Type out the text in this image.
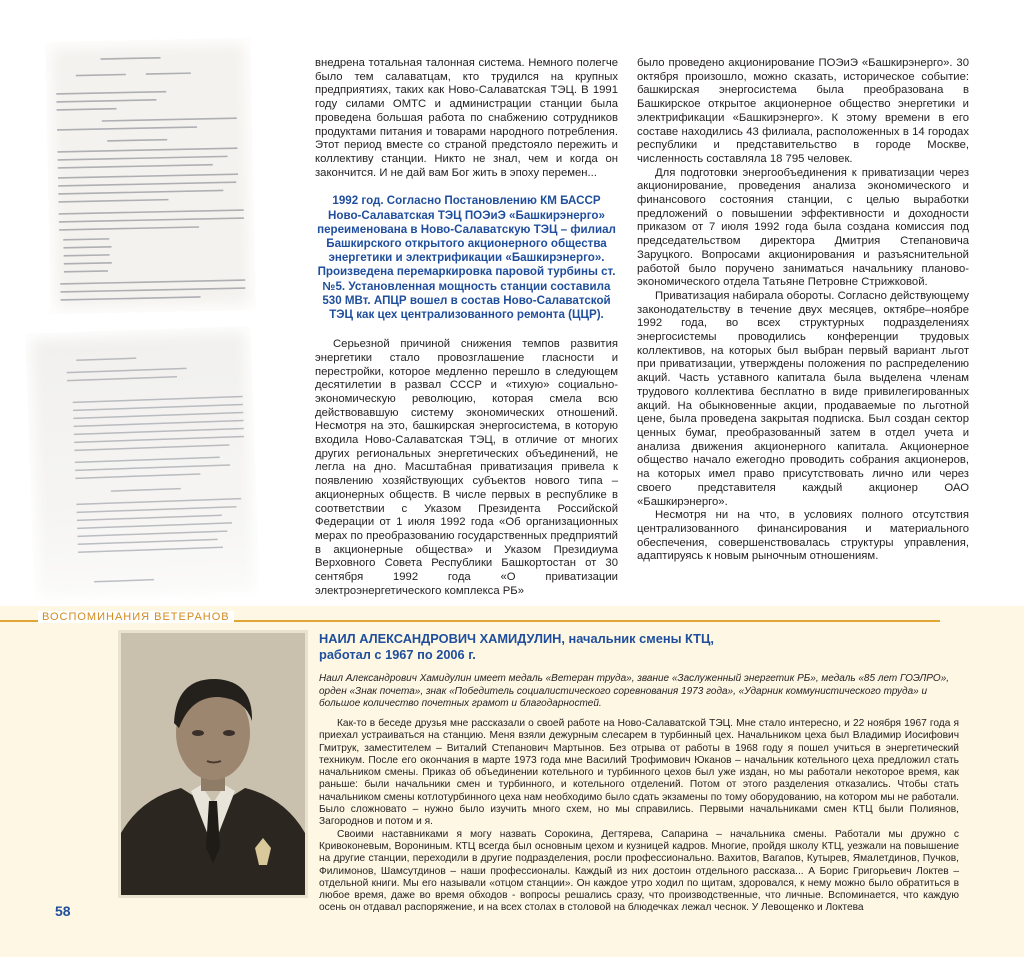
внедрена тотальная талонная система. Немного полегче было тем салаватцам, кто трудился на крупных предприятиях, таких как Ново-Салаватская ТЭЦ. В 1991 году силами ОМТС и администрации станции была проведена большая работа по снабжению сотрудников продуктами питания и товарами народного потребления. Этот период вместе со страной предстояло пережить и коллективу станции. Никто не знал, чем и когда он закончится. И не дай вам Бог жить в эпоху перемен...

1992 год. Согласно Постановлению КМ БАССР Ново-Салаватская ТЭЦ ПОЭиЭ «Башкирэнерго» переименована в Ново-Салаватскую ТЭЦ – филиал Башкирского открытого акционерного общества энергетики и электрификации «Башкирэнерго». Произведена перемаркировка паровой турбины ст. №5. Установленная мощность станции составила 530 МВт. АПЦР вошел в состав Ново-Салаватской ТЭЦ как цех централизованного ремонта (ЦЦР).

Серьезной причиной снижения темпов развития энергетики стало провозглашение гласности и перестройки, которое медленно перешло в следующем десятилетии в развал СССР и «тихую» социально-экономическую революцию, которая смела всю действовавшую систему экономических отношений. Несмотря на это, башкирская энергосистема, в которую входила Ново-Салаватская ТЭЦ, в отличие от многих других региональных энергетических объединений, не легла на дно. Масштабная приватизация привела к появлению хозяйствующих субъектов нового типа – акционерных обществ. В числе первых в республике в соответствии с Указом Президента Российской Федерации от 1 июля 1992 года «Об организационных мерах по преобразованию государственных предприятий в акционерные общества» и Указом Президиума Верховного Совета Республики Башкортостан от 30 сентября 1992 года «О приватизации электроэнергетического комплекса РБ»

было проведено акционирование ПОЭиЭ «Башкирэнерго». 30 октября произошло, можно сказать, историческое событие: башкирская энергосистема была преобразована в Башкирское открытое акционерное общество энергетики и электрификации «Башкирэнерго». К этому времени в его составе находились 43 филиала, расположенных в 14 городах республики и представительство в городе Москве, численность составляла 18 795 человек.

Для подготовки энергообъединения к приватизации через акционирование, проведения анализа экономического и финансового состояния станции, с целью выработки предложений о повышении эффективности и доходности приказом от 7 июля 1992 года была создана комиссия под председательством директора Дмитрия Степановича Заруцкого. Вопросами акционирования и разъяснительной работой было поручено заниматься начальнику планово-экономического отдела Татьяне Петровне Стрижковой.

Приватизация набирала обороты. Согласно действующему законодательству в течение двух месяцев, октябре–ноябре 1992 года, во всех структурных подразделениях энергосистемы проводились конференции трудовых коллективов, на которых был выбран первый вариант льгот при приватизации, утверждены положения по распределению акций. Часть уставного капитала была выделена членам трудового коллектива бесплатно в виде привилегированных акций. На обыкновенные акции, продаваемые по льготной цене, была проведена закрытая подписка. Был создан сектор ценных бумаг, преобразованный затем в отдел учета и анализа движения акционерного капитала. Акционерное общество начало ежегодно проводить собрания акционеров, на которых имел право присутствовать лично или через своего представителя каждый акционер ОАО «Башкирэнерго».

Несмотря ни на что, в условиях полного отсутствия централизованного финансирования и материального обеспечения, совершенствовалась структуры управления, адаптируясь к новым рыночным отношениям.

ВОСПОМИНАНИЯ ВЕТЕРАНОВ
НАИЛ АЛЕКСАНДРОВИЧ ХАМИДУЛИН, начальник смены КТЦ,
работал с 1967 по 2006 г.
Наил Александрович Хамидулин имеет медаль «Ветеран труда», звание «Заслуженный энергетик РБ», медаль «85 лет ГОЭЛРО», орден «Знак почета», знак «Победитель социалистического соревнования 1973 года», «Ударник коммунистического труда» и большое количество почетных грамот и благодарностей.

Как-то в беседе друзья мне рассказали о своей работе на Ново-Салаватской ТЭЦ. Мне стало интересно, и 22 ноября 1967 года я приехал устраиваться на станцию. Меня взяли дежурным слесарем в турбинный цех. Начальником цеха был Владимир Иосифович Гмитрук, заместителем – Виталий Степанович Мартынов. Без отрыва от работы в 1968 году я пошел учиться в энергетический техникум. После его окончания в марте 1973 года мне Василий Трофимович Юканов – начальник котельного цеха предложил стать начальником смены. Приказ об объединении котельного и турбинного цехов был уже издан, но мы работали некоторое время, как раньше: были начальники смен и турбинного, и котельного отделений. Потом от этого разделения отказались. Чтобы стать начальником смены котлотурбинного цеха нам необходимо было сдать экзамены по тому оборудованию, на котором мы не работали. Было сложновато – нужно было изучить много схем, но мы справились. Первыми начальниками смен КТЦ были Полиянов, Загороднов и потом и я.

Своими наставниками я могу назвать Сорокина, Дегтярева, Сапарина – начальника смены. Работали мы дружно с Кривоконевым, Ворониным. КТЦ всегда был основным цехом и кузницей кадров. Многие, пройдя школу КТЦ, уезжали на повышение на другие станции, переходили в другие подразделения, росли профессионально. Вахитов, Вагапов, Кутырев, Ямалетдинов, Пучков, Филимонов, Шамсутдинов – наши профессионалы. Каждый из них достоин отдельного рассказа... А Борис Григорьевич Локтев – отдельной книги. Мы его называли «отцом станции». Он каждое утро ходил по щитам, здоровался, к нему можно было обратиться в любое время, даже во время обходов - вопросы решались сразу, что производственные, что личные. Вспоминается, что каждую осень он отдавал распоряжение, и на всех столах в столовой на блюдечках лежал чеснок. У Левощенко и Локтева

58
